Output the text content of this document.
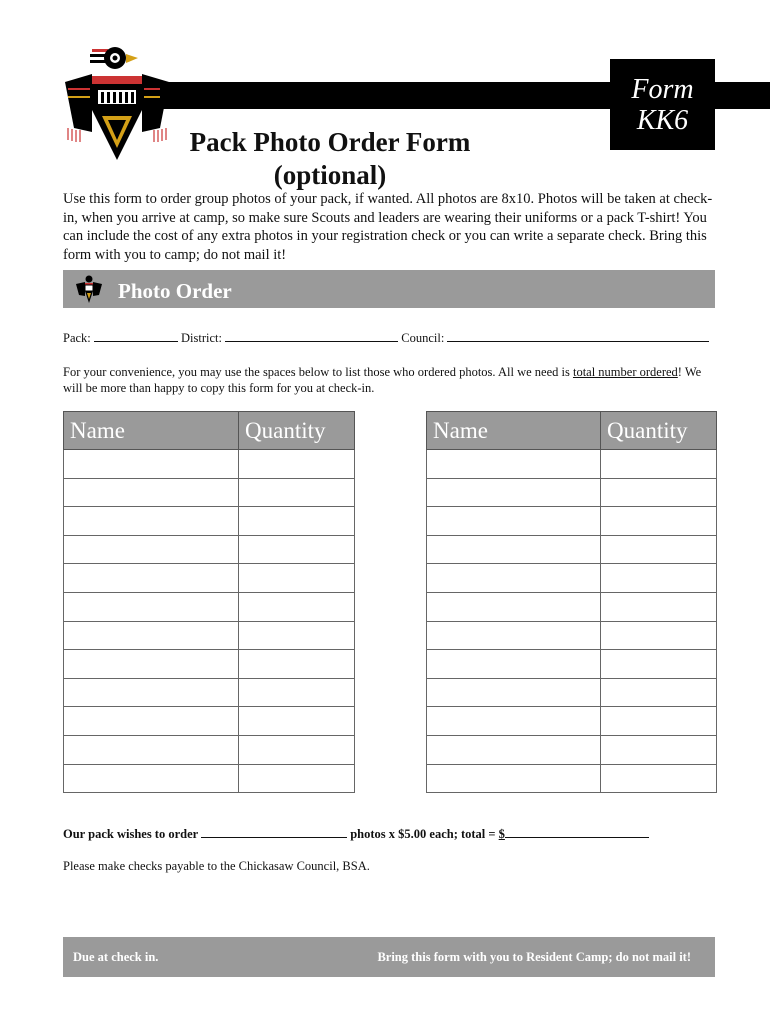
Form
KK6
Pack Photo Order Form
(optional)
Use this form to order group photos of your pack, if wanted. All photos are 8x10. Photos will be taken at check-in, when you arrive at camp, so make sure Scouts and leaders are wearing their uniforms or a pack T-shirt! You can include the cost of any extra photos in your registration check or you can write a separate check. Bring this form with you to camp; do not mail it!
Photo Order
Pack:	District:	Council:
For your convenience, you may use the spaces below to list those who ordered photos. All we need is total number ordered! We will be more than happy to copy this form for you at check-in.
Name	Quantity

		Name	Quantity

Our pack wishes to order	photos x $5.00 each; total = $
Please make checks payable to the Chickasaw Council, BSA.
Due at check in.	Bring this form with you to Resident Camp; do not mail it!
